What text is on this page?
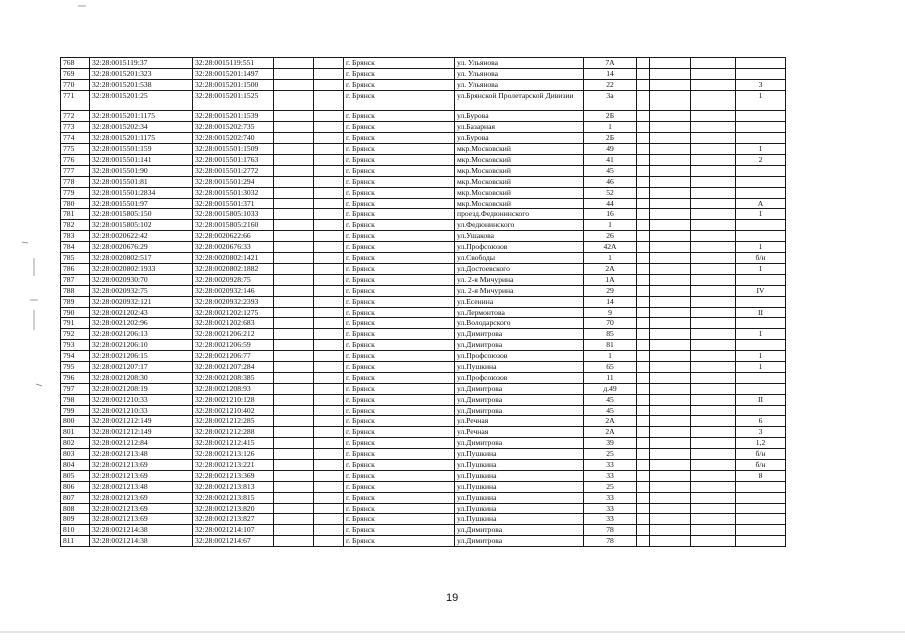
768	32:28:0015119:37	32:28:0015119:551			г. Брянск	ул. Ульянова	7А				
769	32:28:0015201:323	32:28:0015201:1497			г. Брянск	ул. Ульянова	14				
770	32:28:0015201:538	32:28:0015201:1500			г. Брянск	ул. Ульянова	22				3
771	32:28:0015201:25	32:28:0015201:1525			г. Брянск	ул.Брянской Пролетарской Дивизии	3а				1
772	32:28:0015201:1175	32:28:0015201:1539			г. Брянск	ул.Бурова	2Б				
773	32:28:0015202:34	32:28:0015202:735			г. Брянск	ул.Базарная	1				
774	32:28:0015201:1175	32:28:0015202:740			г. Брянск	ул.Бурова	2Б				
775	32:28:0015501:159	32:28:0015501:1509			г. Брянск	мкр.Московский	49				1
776	32:28:0015501:141	32:28:0015501:1763			г. Брянск	мкр.Московский	41				2
777	32:28:0015501:90	32:28:0015501:2772			г. Брянск	мкр.Московский	45				
778	32:28:0015501:81	32:28:0015501:294			г. Брянск	мкр.Московский	46				
779	32:28:0015501:2834	32:28:0015501:3032			г. Брянск	мкр.Московский	52				
780	32:28:0015501:97	32:28:0015501:371			г. Брянск	мкр.Московский	44				А
781	32:28:0015805:150	32:28:0015805:1033			г. Брянск	проезд.Федюнинского	16				1
782	32:28:0015805:102	32:28:0015805:2160			г. Брянск	ул.Федюнинского	1				
783	32:28:0020622:42	32:28:0020622:66			г. Брянск	ул.Ушакова	26				
784	32:28:0020676:29	32:28:0020676:33			г. Брянск	ул.Профсоюзов	42А				1
785	32:28:0020802:517	32:28:0020802:1421			г. Брянск	ул.Свободы	1				б/н
786	32:28:0020802:1933	32:28:0020802:1882			г. Брянск	ул.Достоевского	2А				1
787	32:28:0020930:70	32:28:0020928:75			г. Брянск	ул. 2-я Мичурина	1А				
788	32:28:0020932:75	32:28:0020932:146			г. Брянск	ул. 2-я Мичурина	29				IV
789	32:28:0020932:121	32:28:0020932:2393			г. Брянск	ул.Есенина	14				
790	32:28:0021202:43	32:28:0021202:1275			г. Брянск	ул.Лермонтова	9				II
791	32:28:0021202:96	32:28:0021202:683			г. Брянск	ул.Володарского	70				
792	32:28:0021206:13	32:28:0021206:212			г. Брянск	ул.Димитрова	85				1
793	32:28:0021206:10	32:28:0021206:59			г. Брянск	ул.Димитрова	81				
794	32:28:0021206:15	32:28:0021206:77			г. Брянск	ул.Профсоюзов	1				1
795	32:28:0021207:17	32:28:0021207:284			г. Брянск	ул.Пушкина	65				1
796	32:28:0021208:30	32:28:0021208:385			г. Брянск	ул.Профсоюзов	11				
797	32:28:0021208:19	32:28:0021208:93			г. Брянск	ул.Димитрова	д.49				
798	32:28:0021210:33	32:28:0021210:128			г. Брянск	ул.Димитрова	45				II
799	32:28:0021210:33	32:28:0021210:402			г. Брянск	ул.Димитрова	45				
800	32:28:0021212:149	32:28:0021212:285			г. Брянск	ул.Речная	2А				6
801	32:28:0021212:149	32:28:0021212:288			г. Брянск	ул.Речная	2А				3
802	32:28:0021212:84	32:28:0021212:415			г. Брянск	ул.Димитрова	39				1,2
803	32:28:0021213:48	32:28:0021213:126			г. Брянск	ул.Пушкина	25				б/н
804	32:28:0021213:69	32:28:0021213:221			г. Брянск	ул.Пушкина	33				б/н
805	32:28:0021213:69	32:28:0021213:369			г. Брянск	ул.Пушкина	33				8
806	32:28:0021213:48	32:28:0021213:813			г. Брянск	ул.Пушкина	25				
807	32:28:0021213:69	32:28:0021213:815			г. Брянск	ул.Пушкина	33				
808	32:28:0021213:69	32:28:0021213:820			г. Брянск	ул.Пушкина	33				
809	32:28:0021213:69	32:28:0021213:827			г. Брянск	ул.Пушкина	33				
810	32:28:0021214:38	32:28:0021214:107			г. Брянск	ул.Димитрова	78				
811	32:28:0021214:38	32:28:0021214:67			г. Брянск	ул.Димитрова	78				
19
